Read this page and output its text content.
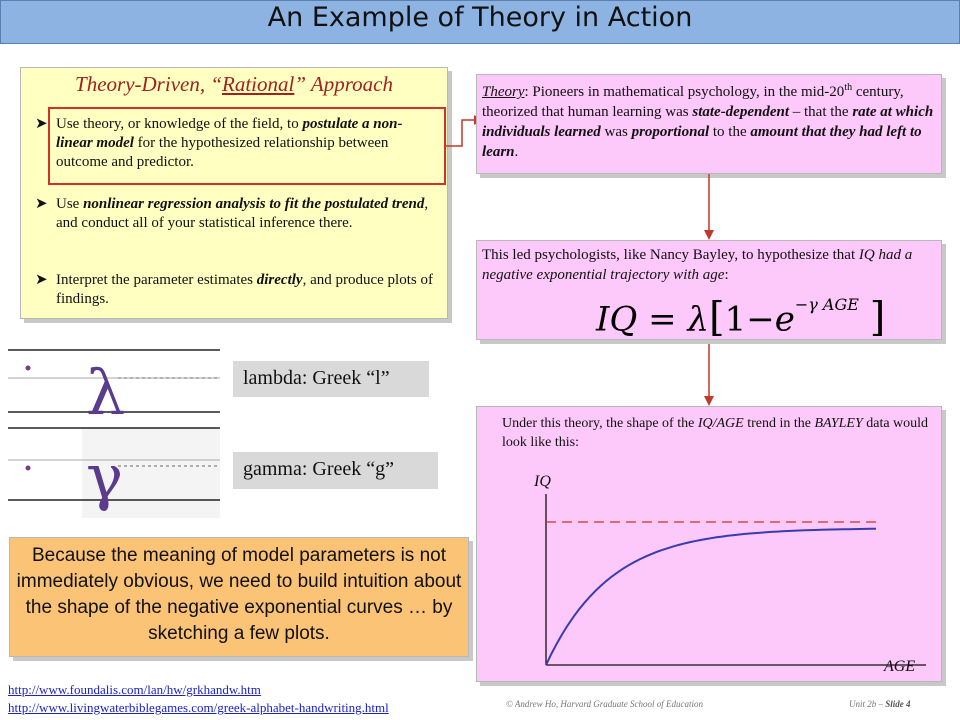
An Example of Theory in Action
Theory-Driven, “Rational” Approach
➤ Use theory, or knowledge of the field, to postulate a non-linear model for the hypothesized relationship between outcome and predictor.
➤ Use nonlinear regression analysis to fit the postulated trend, and conduct all of your statistical inference there.
➤ Interpret the parameter estimates directly, and produce plots of findings.
Theory: Pioneers in mathematical psychology, in the mid-20th century, theorized that human learning was state-dependent – that the rate at which individuals learned was proportional to the amount that they had left to learn.
This led psychologists, like Nancy Bayley, to hypothesize that IQ had a negative exponential trajectory with age:
IQ = $\lambda[1-e^{-\gamma AGE}$ ]
Under this theory, the shape of the IQ/AGE trend in the BAYLEY data would look like this:
IQ
AGE
λ
γ
lambda: Greek “l”
gamma: Greek “g”
Because the meaning of model parameters is not immediately obvious, we need to build intuition about the shape of the negative exponential curves … by sketching a few plots.
http://www.foundalis.com/lan/hw/grkhandw.htm
http://www.livingwaterbiblegames.com/greek-alphabet-handwriting.html	© Andrew Ho, Harvard Graduate School of Education	Unit 2b – Slide 4
